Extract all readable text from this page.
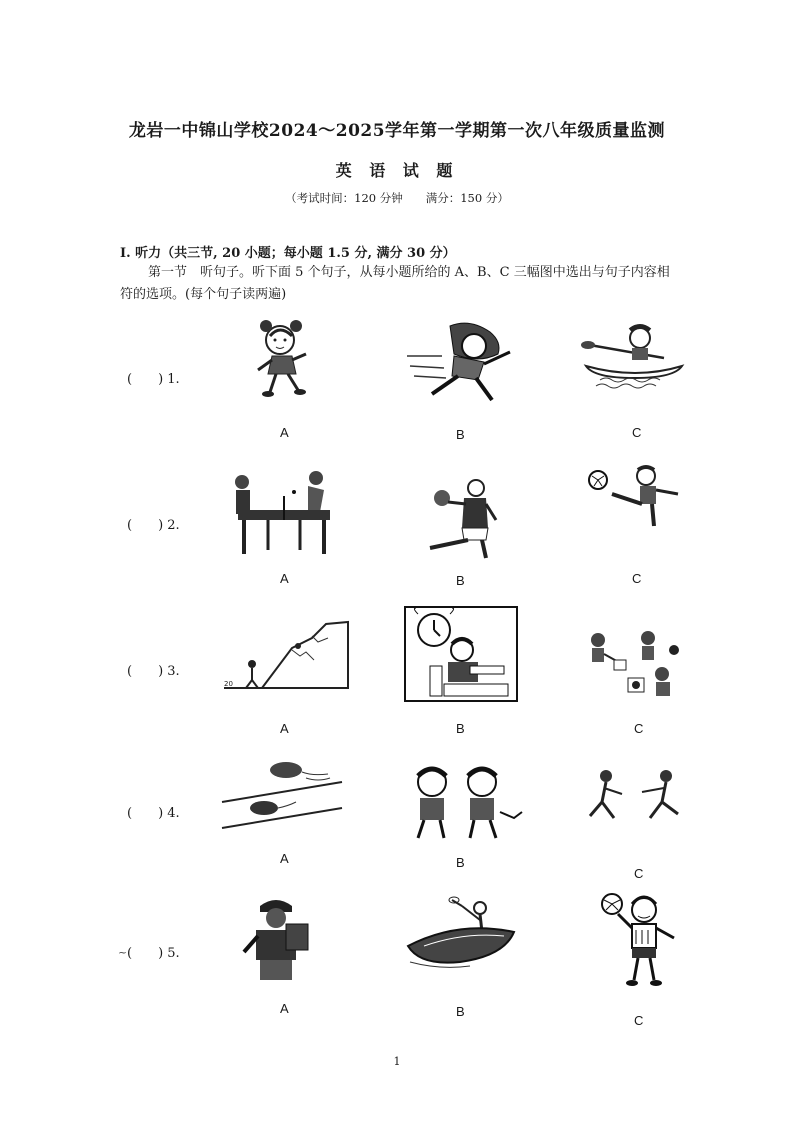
龙岩一中锦山学校2024～2025学年第一学期第一次八年级质量监测
英 语 试 题
（考试时间：120 分钟　　满分：150 分）
I. 听力（共三节, 20 小题；每小题 1.5 分, 满分 30 分）
第一节　听句子。听下面 5 个句子，从每小题所给的 A、B、C 三幅图中选出与句子内容相符的选项。(每个句子读两遍)
(　　) 1.
A	B	C
(　　) 2.
A	B	C
(　　) 3.
20
A	B	C
(　　) 4.
A	B
C
~ (　　) 5.
A	B
C
1
